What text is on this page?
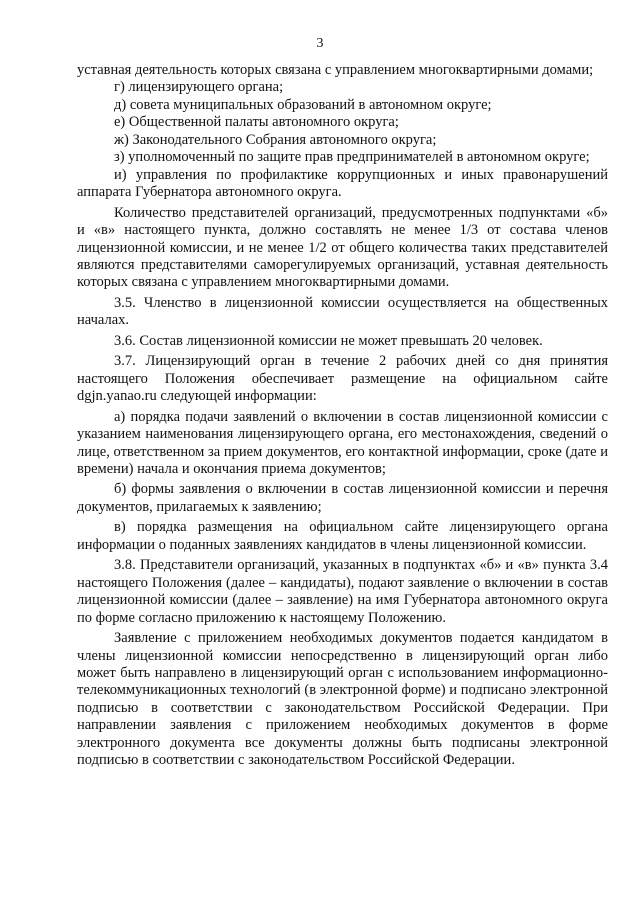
3

уставная деятельность которых связана с управлением многоквартирными домами;

г) лицензирующего органа;

д) совета муниципальных образований в автономном округе;

е) Общественной палаты автономного округа;

ж) Законодательного Собрания автономного округа;

з) уполномоченный по защите прав предпринимателей в автономном округе;

и) управления по профилактике коррупционных и иных правонарушений аппарата Губернатора автономного округа.

Количество представителей организаций, предусмотренных подпунктами «б» и «в» настоящего пункта, должно составлять не менее 1/3 от состава членов лицензионной комиссии, и не менее 1/2 от общего количества таких представителей являются представителями саморегулируемых организаций, уставная деятельность которых связана с управлением многоквартирными домами.

3.5. Членство в лицензионной комиссии осуществляется на общественных началах.

3.6. Состав лицензионной комиссии не может превышать 20 человек.

3.7. Лицензирующий орган в течение 2 рабочих дней со дня принятия настоящего Положения обеспечивает размещение на официальном сайте dgjn.yanao.ru следующей информации:

а) порядка подачи заявлений о включении в состав лицензионной комиссии с указанием наименования лицензирующего органа, его местонахождения, сведений о лице, ответственном за прием документов, его контактной информации, сроке (дате и времени) начала и окончания приема документов;

б) формы заявления о включении в состав лицензионной комиссии и перечня документов, прилагаемых к заявлению;

в) порядка размещения на официальном сайте лицензирующего органа информации о поданных заявлениях кандидатов в члены лицензионной комиссии.

3.8. Представители организаций, указанных в подпунктах «б» и «в» пункта 3.4 настоящего Положения (далее – кандидаты), подают заявление о включении в состав лицензионной комиссии (далее – заявление) на имя Губернатора автономного округа по форме согласно приложению к настоящему Положению.

Заявление с приложением необходимых документов подается кандидатом в члены лицензионной комиссии непосредственно в лицензирующий орган либо может быть направлено в лицензирующий орган с использованием информационно-телекоммуникационных технологий (в электронной форме) и подписано электронной подписью в соответствии с законодательством Российской Федерации. При направлении заявления с приложением необходимых документов в форме электронного документа все документы должны быть подписаны электронной подписью в соответствии с законодательством Российской Федерации.
